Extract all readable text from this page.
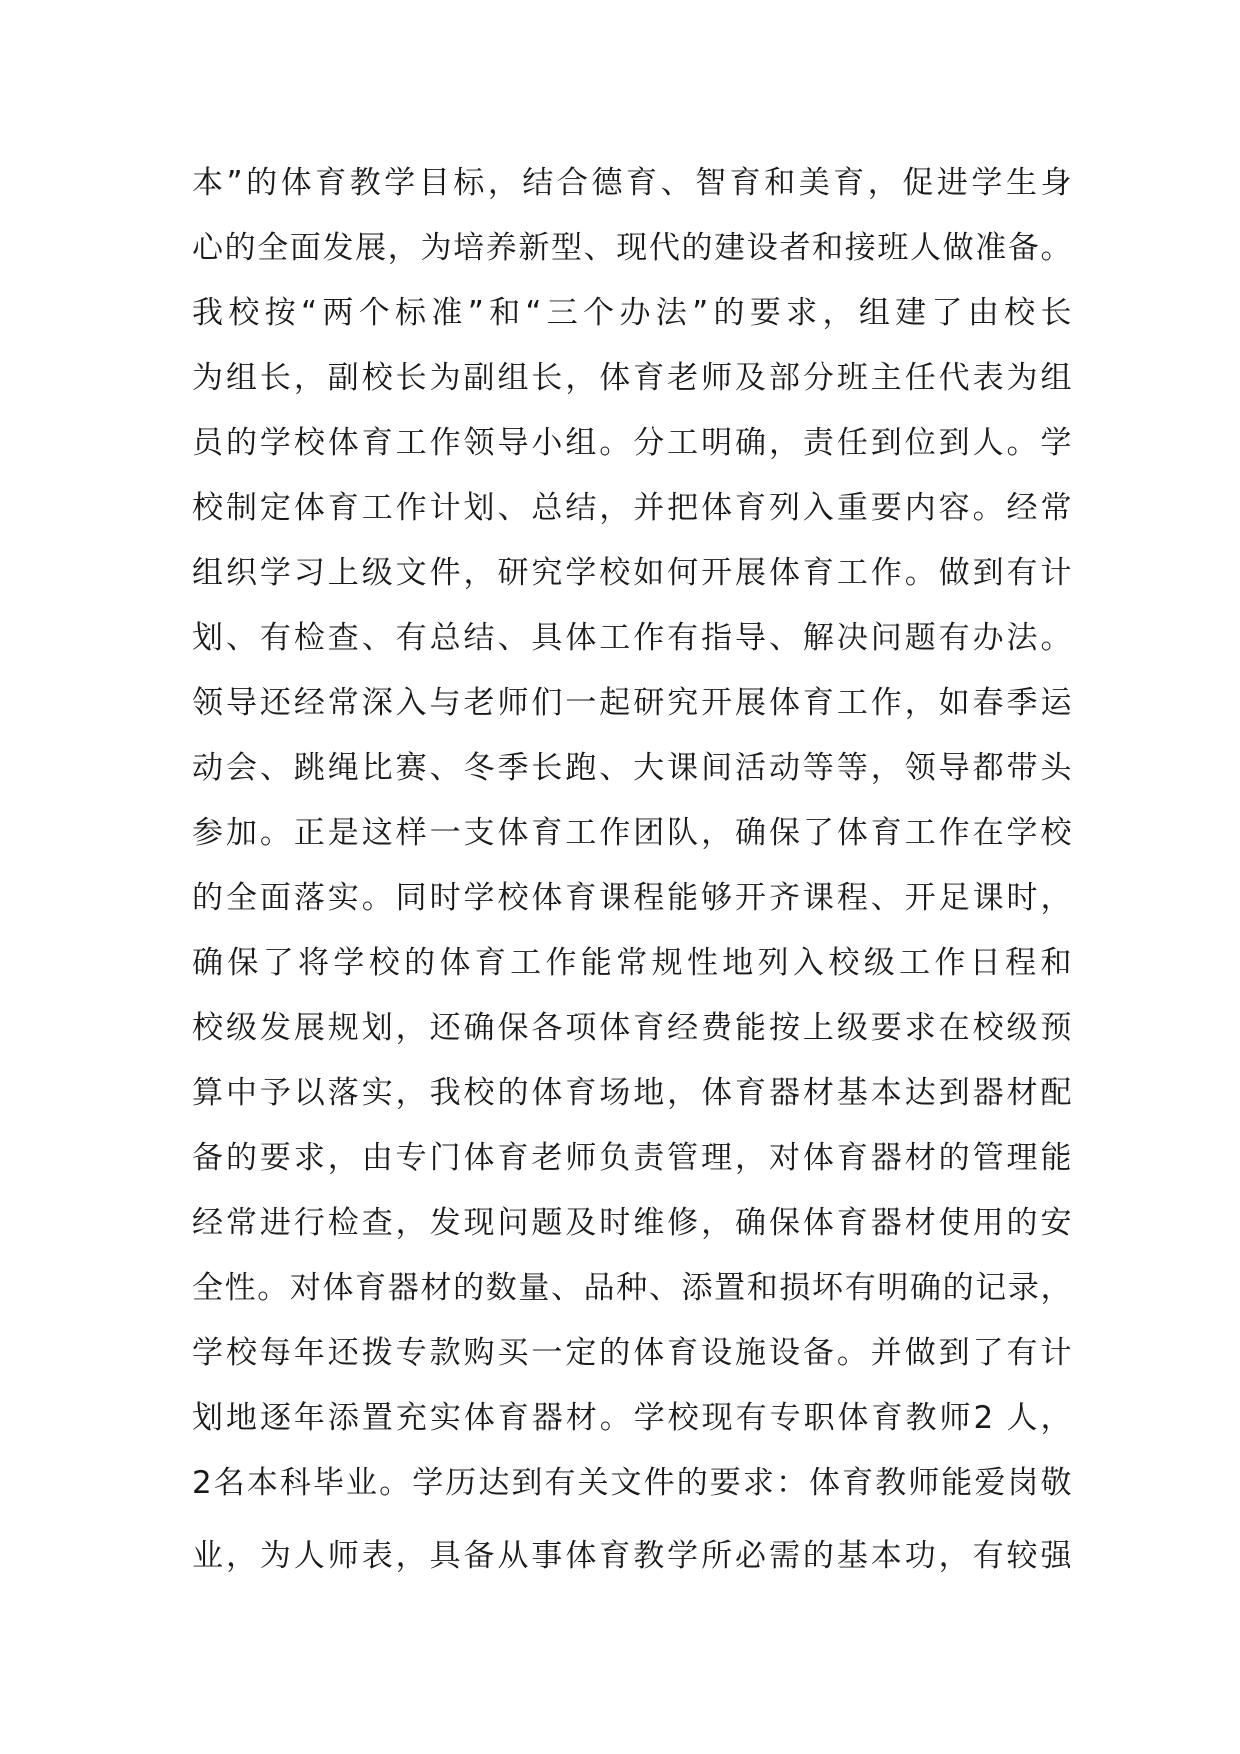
本”的体育教学目标，结合德育、智育和美育，促进学生身
心的全面发展，为培养新型、现代的建设者和接班人做准备。
我校按“两个标准”和“三个办法”的要求，组建了由校长
为组长，副校长为副组长，体育老师及部分班主任代表为组
员的学校体育工作领导小组。分工明确，责任到位到人。学
校制定体育工作计划、总结，并把体育列入重要内容。经常
组织学习上级文件，研究学校如何开展体育工作。做到有计
划、有检查、有总结、具体工作有指导、解决问题有办法。
领导还经常深入与老师们一起研究开展体育工作，如春季运
动会、跳绳比赛、冬季长跑、大课间活动等等，领导都带头
参加。正是这样一支体育工作团队，确保了体育工作在学校
的全面落实。同时学校体育课程能够开齐课程、开足课时，
确保了将学校的体育工作能常规性地列入校级工作日程和
校级发展规划，还确保各项体育经费能按上级要求在校级预
算中予以落实，我校的体育场地，体育器材基本达到器材配
备的要求，由专门体育老师负责管理，对体育器材的管理能
经常进行检查，发现问题及时维修，确保体育器材使用的安
全性。对体育器材的数量、品种、添置和损坏有明确的记录，
学校每年还拨专款购买一定的体育设施设备。并做到了有计
划地逐年添置充实体育器材。学校现有专职体育教师2 人，
2名本科毕业。学历达到有关文件的要求：体育教师能爱岗敬
业，为人师表，具备从事体育教学所必需的基本功，有较强
